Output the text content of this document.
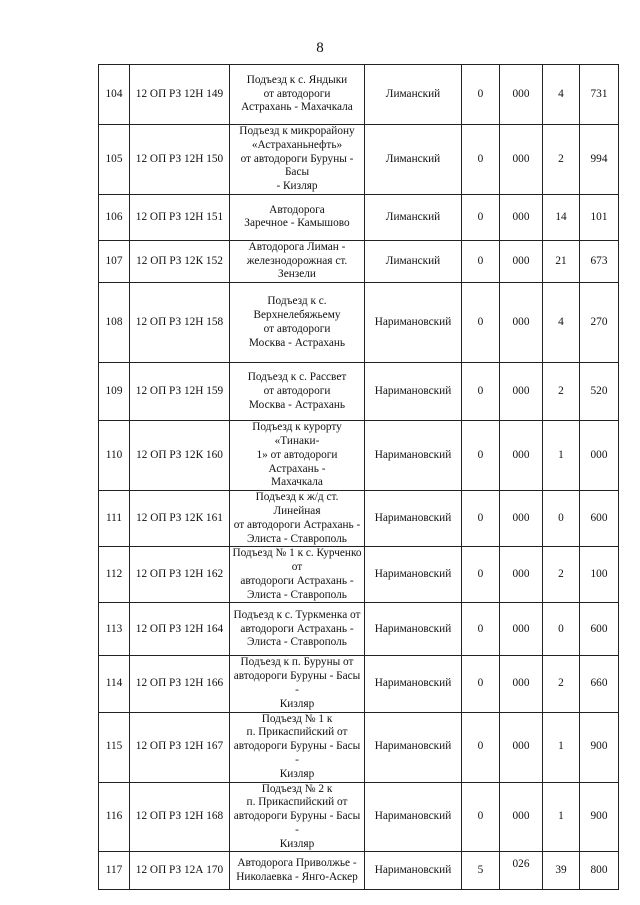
8
104	12 ОП РЗ 12Н 149	Подъезд к с. Яндыки
от автодороги
Астрахань - Махачкала	Лиманский	0	000	4	731
105	12 ОП РЗ 12Н 150	Подъезд к микрорайону
«Астраханьнефть»
от автодороги Буруны - Басы
- Кизляр	Лиманский	0	000	2	994
106	12 ОП РЗ 12Н 151	Автодорога
Заречное - Камышово	Лиманский	0	000	14	101
107	12 ОП РЗ 12К 152	Автодорога Лиман -
железнодорожная ст. Зензели	Лиманский	0	000	21	673
108	12 ОП РЗ 12Н 158	Подъезд к с.
Верхнелебяжьему
от автодороги
Москва - Астрахань	Наримановский	0	000	4	270
109	12 ОП РЗ 12Н 159	Подъезд к с. Рассвет
от автодороги
Москва - Астрахань	Наримановский	0	000	2	520
110	12 ОП РЗ 12К 160	Подъезд к курорту «Тинаки-
1» от автодороги Астрахань -
Махачкала	Наримановский	0	000	1	000
111	12 ОП РЗ 12К 161	Подъезд к ж/д ст. Линейная
от автодороги Астрахань -
Элиста - Ставрополь	Наримановский	0	000	0	600
112	12 ОП РЗ 12Н 162	Подъезд № 1 к с. Курченко от
автодороги Астрахань -
Элиста - Ставрополь	Наримановский	0	000	2	100
113	12 ОП РЗ 12Н 164	Подъезд к с. Туркменка от
автодороги Астрахань -
Элиста - Ставрополь	Наримановский	0	000	0	600
114	12 ОП РЗ 12Н 166	Подъезд к п. Буруны от
автодороги Буруны - Басы -
Кизляр	Наримановский	0	000	2	660
115	12 ОП РЗ 12Н 167	Подъезд № 1 к
п. Прикаспийский от
автодороги Буруны - Басы -
Кизляр	Наримановский	0	000	1	900
116	12 ОП РЗ 12Н 168	Подъезд № 2 к
п. Прикаспийский от
автодороги Буруны - Басы -
Кизляр	Наримановский	0	000	1	900
117	12 ОП РЗ 12А 170	Автодорога Приволжье -
Николаевка - Янго-Аскер	Наримановский	5	026	39	800
